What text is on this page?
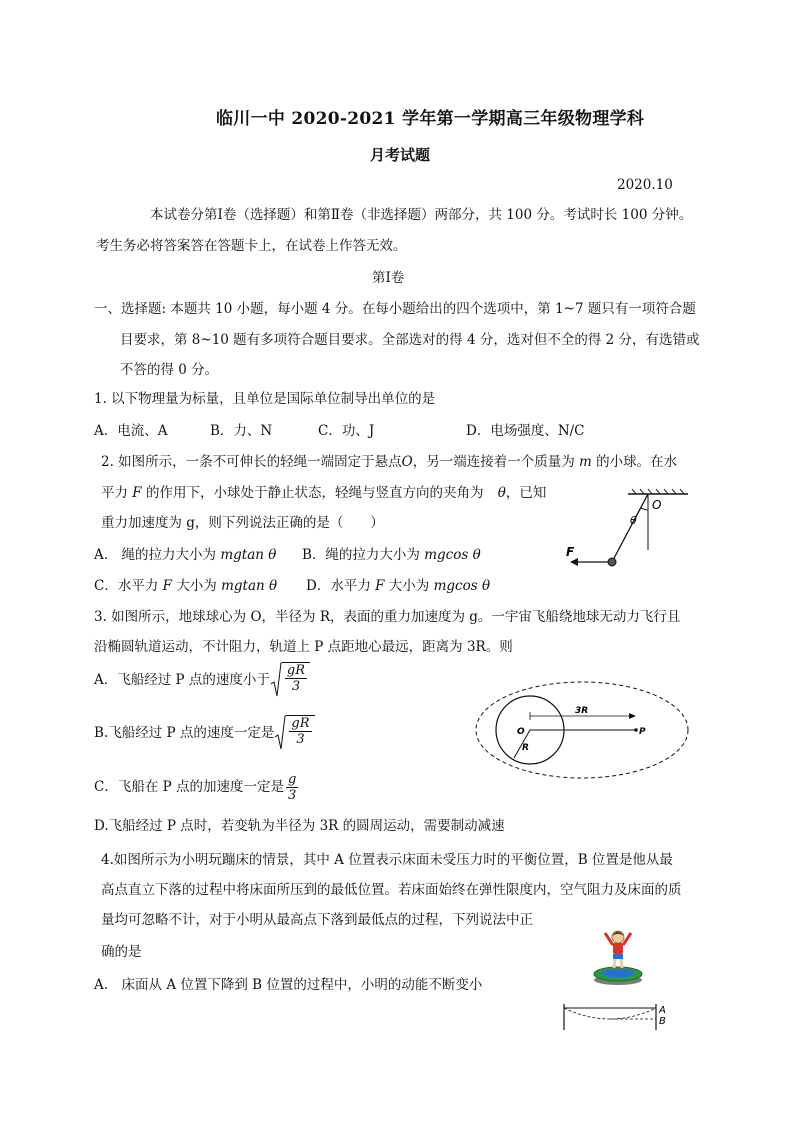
临川一中 2020-2021 学年第一学期高三年级物理学科
月考试题
2020.10
本试卷分第Ⅰ卷（选择题）和第Ⅱ卷（非选择题）两部分，共 100 分。考试时长 100 分钟。
考生务必将答案答在答题卡上，在试卷上作答无效。
第Ⅰ卷
一、选择题: 本题共 10 小题，每小题 4 分。在每小题给出的四个选项中，第 1~7 题只有一项符合题
目要求，第 8~10 题有多项符合题目要求。全部选对的得 4 分，选对但不全的得 2 分，有选错或
不答的得 0 分。
1. 以下物理量为标量，且单位是国际单位制导出单位的是
A．电流、A	B．力、N	C．功、J	D．电场强度、N/C
2. 如图所示，一条不可伸长的轻绳一端固定于悬点O，另一端连接着一个质量为 m 的小球。在水
平力 F 的作用下，小球处于静止状态，轻绳与竖直方向的夹角为 θ，已知
重力加速度为 g，则下列说法正确的是（　　）
A.　绳的拉力大小为 mgtan θ B．绳的拉力大小为 mgcos θ
C．水平力 F 大小为 mgtan θ D．水平力 F 大小为 mgcos θ
O
θ
F
3. 如图所示，地球球心为 O，半径为 R，表面的重力加速度为 g。一宇宙飞船绕地球无动力飞行且
沿椭圆轨道运动，不计阻力，轨道上 P 点距地心最远，距离为 3R。则
A．飞船经过 P 点的速度小于 $\frac{gR}{3}$
B.飞船经过 P 点的速度一定是 $\frac{gR}{3}$
C．飞船在 P 点的加速度一定是 $\frac{g}{3}$
D.飞船经过 P 点时，若变轨为半径为 3R 的圆周运动，需要制动减速
3R
O
R
P
4.如图所示为小明玩蹦床的情景，其中 A 位置表示床面未受压力时的平衡位置，B 位置是他从最
高点直立下落的过程中将床面所压到的最低位置。若床面始终在弹性限度内，空气阻力及床面的质
量均可忽略不计，对于小明从最高点下落到最低点的过程，下列说法中正
确的是
A.　床面从 A 位置下降到 B 位置的过程中，小明的动能不断变小
A
B
